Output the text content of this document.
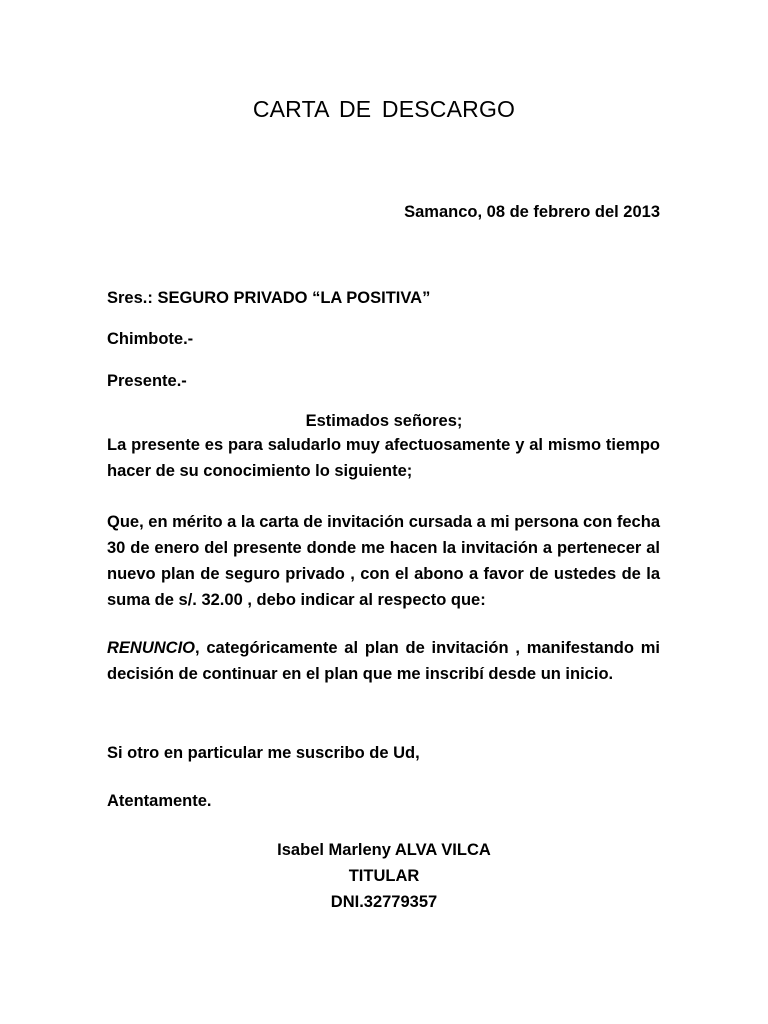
CARTA DE DESCARGO
Samanco, 08 de febrero del 2013
Sres.: SEGURO PRIVADO “LA POSITIVA”
Chimbote.-
Presente.-
Estimados señores;

La presente es para saludarlo muy afectuosamente y al mismo tiempo hacer de su conocimiento lo siguiente;

Que, en mérito a la carta de invitación cursada a mi persona con fecha 30 de enero del presente donde me hacen la invitación a pertenecer al nuevo plan de seguro privado , con el abono a favor de ustedes de la suma de s/. 32.00 , debo indicar al respecto que:

RENUNCIO, categóricamente al plan de invitación , manifestando mi decisión de continuar en el plan que me inscribí desde un inicio.

Si otro en particular me suscribo de Ud,
Atentamente.
Isabel Marleny ALVA VILCA
TITULAR
DNI.32779357
